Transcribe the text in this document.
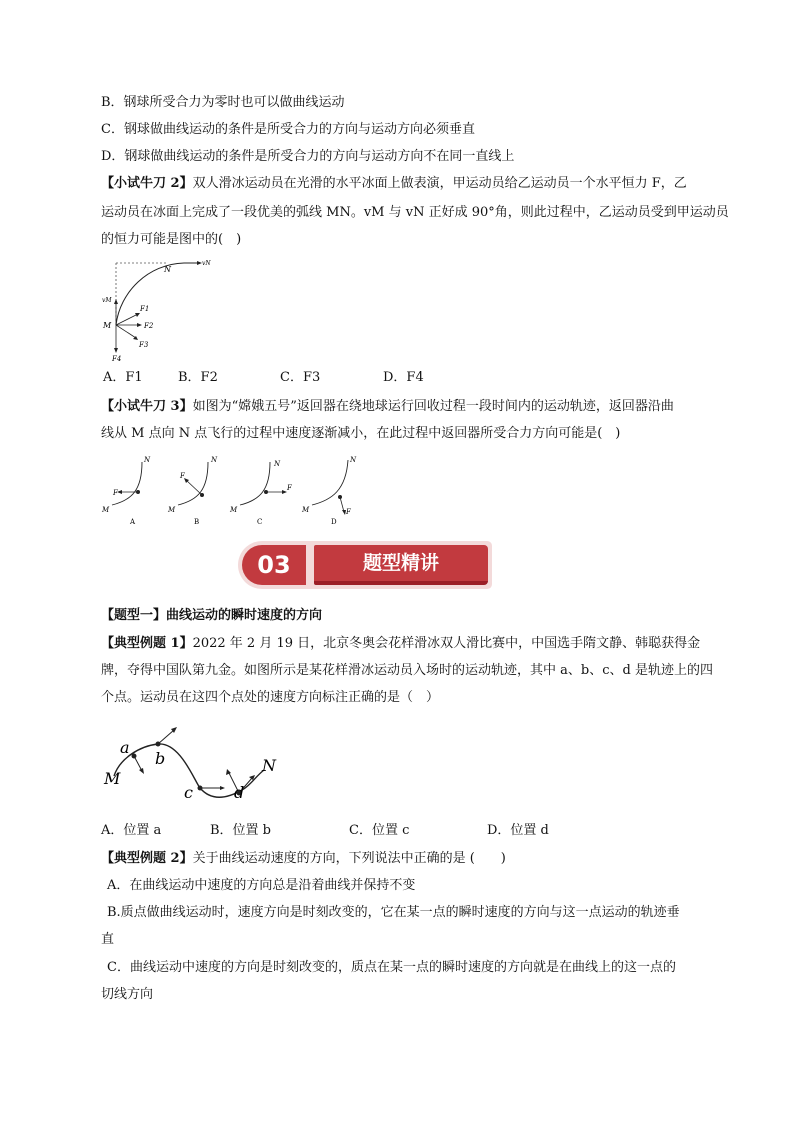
B．钢球所受合力为零时也可以做曲线运动
C．钢球做曲线运动的条件是所受合力的方向与运动方向必须垂直
D．钢球做曲线运动的条件是所受合力的方向与运动方向不在同一直线上
【小试牛刀 2】双人滑冰运动员在光滑的水平冰面上做表演，甲运动员给乙运动员一个水平恒力 F，乙
运动员在冰面上完成了一段优美的弧线 MN。vM 与 vN 正好成 90°角，则此过程中，乙运动员受到甲运动员
的恒力可能是图中的(　)
N
vN
vM
M
F1
F2
F3
F4
A．F1	B．F2	C．F3	D．F4
【小试牛刀 3】如图为“嫦娥五号”返回器在绕地球运行回收过程一段时间内的运动轨迹，返回器沿曲
线从 M 点向 N 点飞行的过程中速度逐渐减小，在此过程中返回器所受合力方向可能是(　)
F
M
N
A
F
M
N
B
F
M
N
C
F
M
N
D
03	题型精讲
【题型一】曲线运动的瞬时速度的方向
【典型例题 1】2022 年 2 月 19 日，北京冬奥会花样滑冰双人滑比赛中，中国选手隋文静、韩聪获得金
牌，夺得中国队第九金。如图所示是某花样滑冰运动员入场时的运动轨迹，其中 a、b、c、d 是轨迹上的四
个点。运动员在这四个点处的速度方向标注正确的是（　）
a
b
c	d
M
N
A．位置 a	B．位置 b	C．位置 c	D．位置 d
【典型例题 2】关于曲线运动速度的方向，下列说法中正确的是 (　　)
A．在曲线运动中速度的方向总是沿着曲线并保持不变
B.质点做曲线运动时，速度方向是时刻改变的，它在某一点的瞬时速度的方向与这一点运动的轨迹垂
直
C．曲线运动中速度的方向是时刻改变的，质点在某一点的瞬时速度的方向就是在曲线上的这一点的
切线方向
